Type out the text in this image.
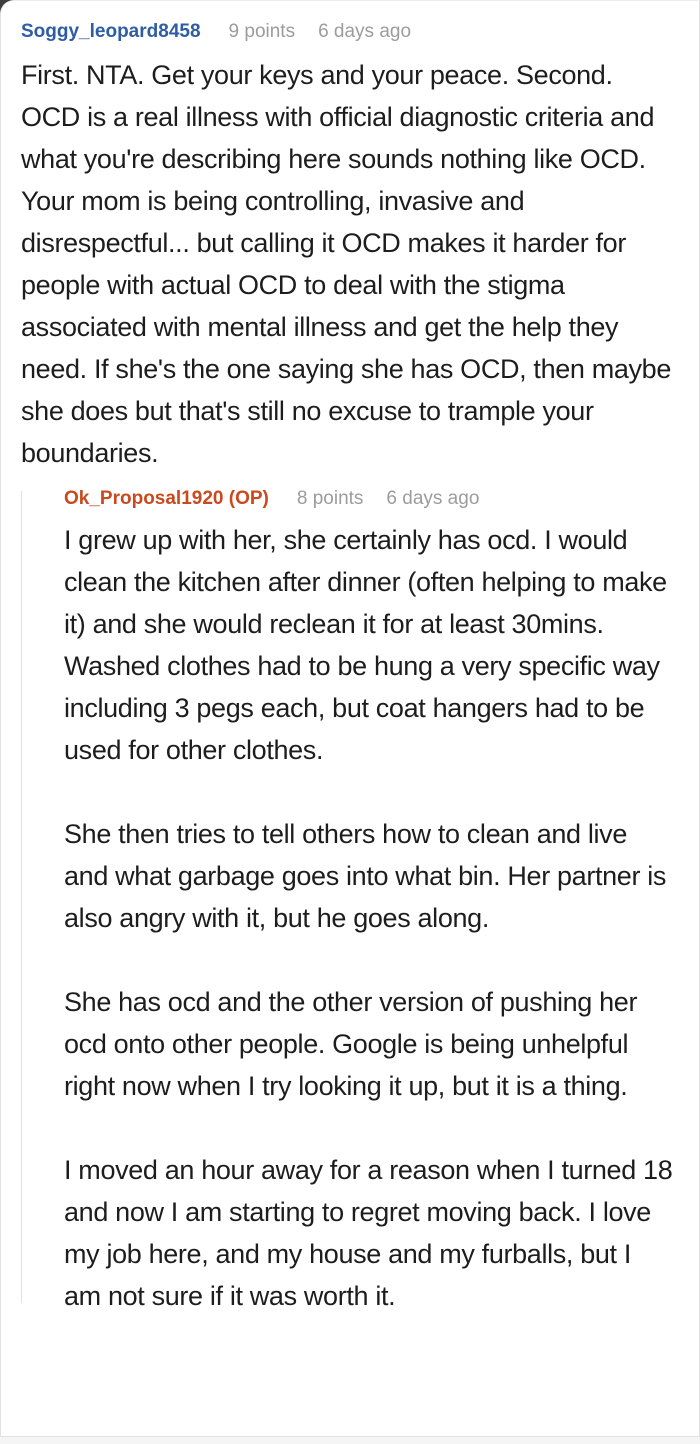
Soggy_leopard8458 9 points 6 days ago

First. NTA. Get your keys and your peace. Second. OCD is a real illness with official diagnostic criteria and what you're describing here sounds nothing like OCD. Your mom is being controlling, invasive and disrespectful... but calling it OCD makes it harder for people with actual OCD to deal with the stigma associated with mental illness and get the help they need. If she's the one saying she has OCD, then maybe she does but that's still no excuse to trample your boundaries.

Ok_Proposal1920 (OP) 8 points 6 days ago

I grew up with her, she certainly has ocd. I would clean the kitchen after dinner (often helping to make it) and she would reclean it for at least 30mins. Washed clothes had to be hung a very specific way including 3 pegs each, but coat hangers had to be used for other clothes.

She then tries to tell others how to clean and live and what garbage goes into what bin. Her partner is also angry with it, but he goes along.

She has ocd and the other version of pushing her ocd onto other people. Google is being unhelpful right now when I try looking it up, but it is a thing.

I moved an hour away for a reason when I turned 18 and now I am starting to regret moving back. I love my job here, and my house and my furballs, but I am not sure if it was worth it.
